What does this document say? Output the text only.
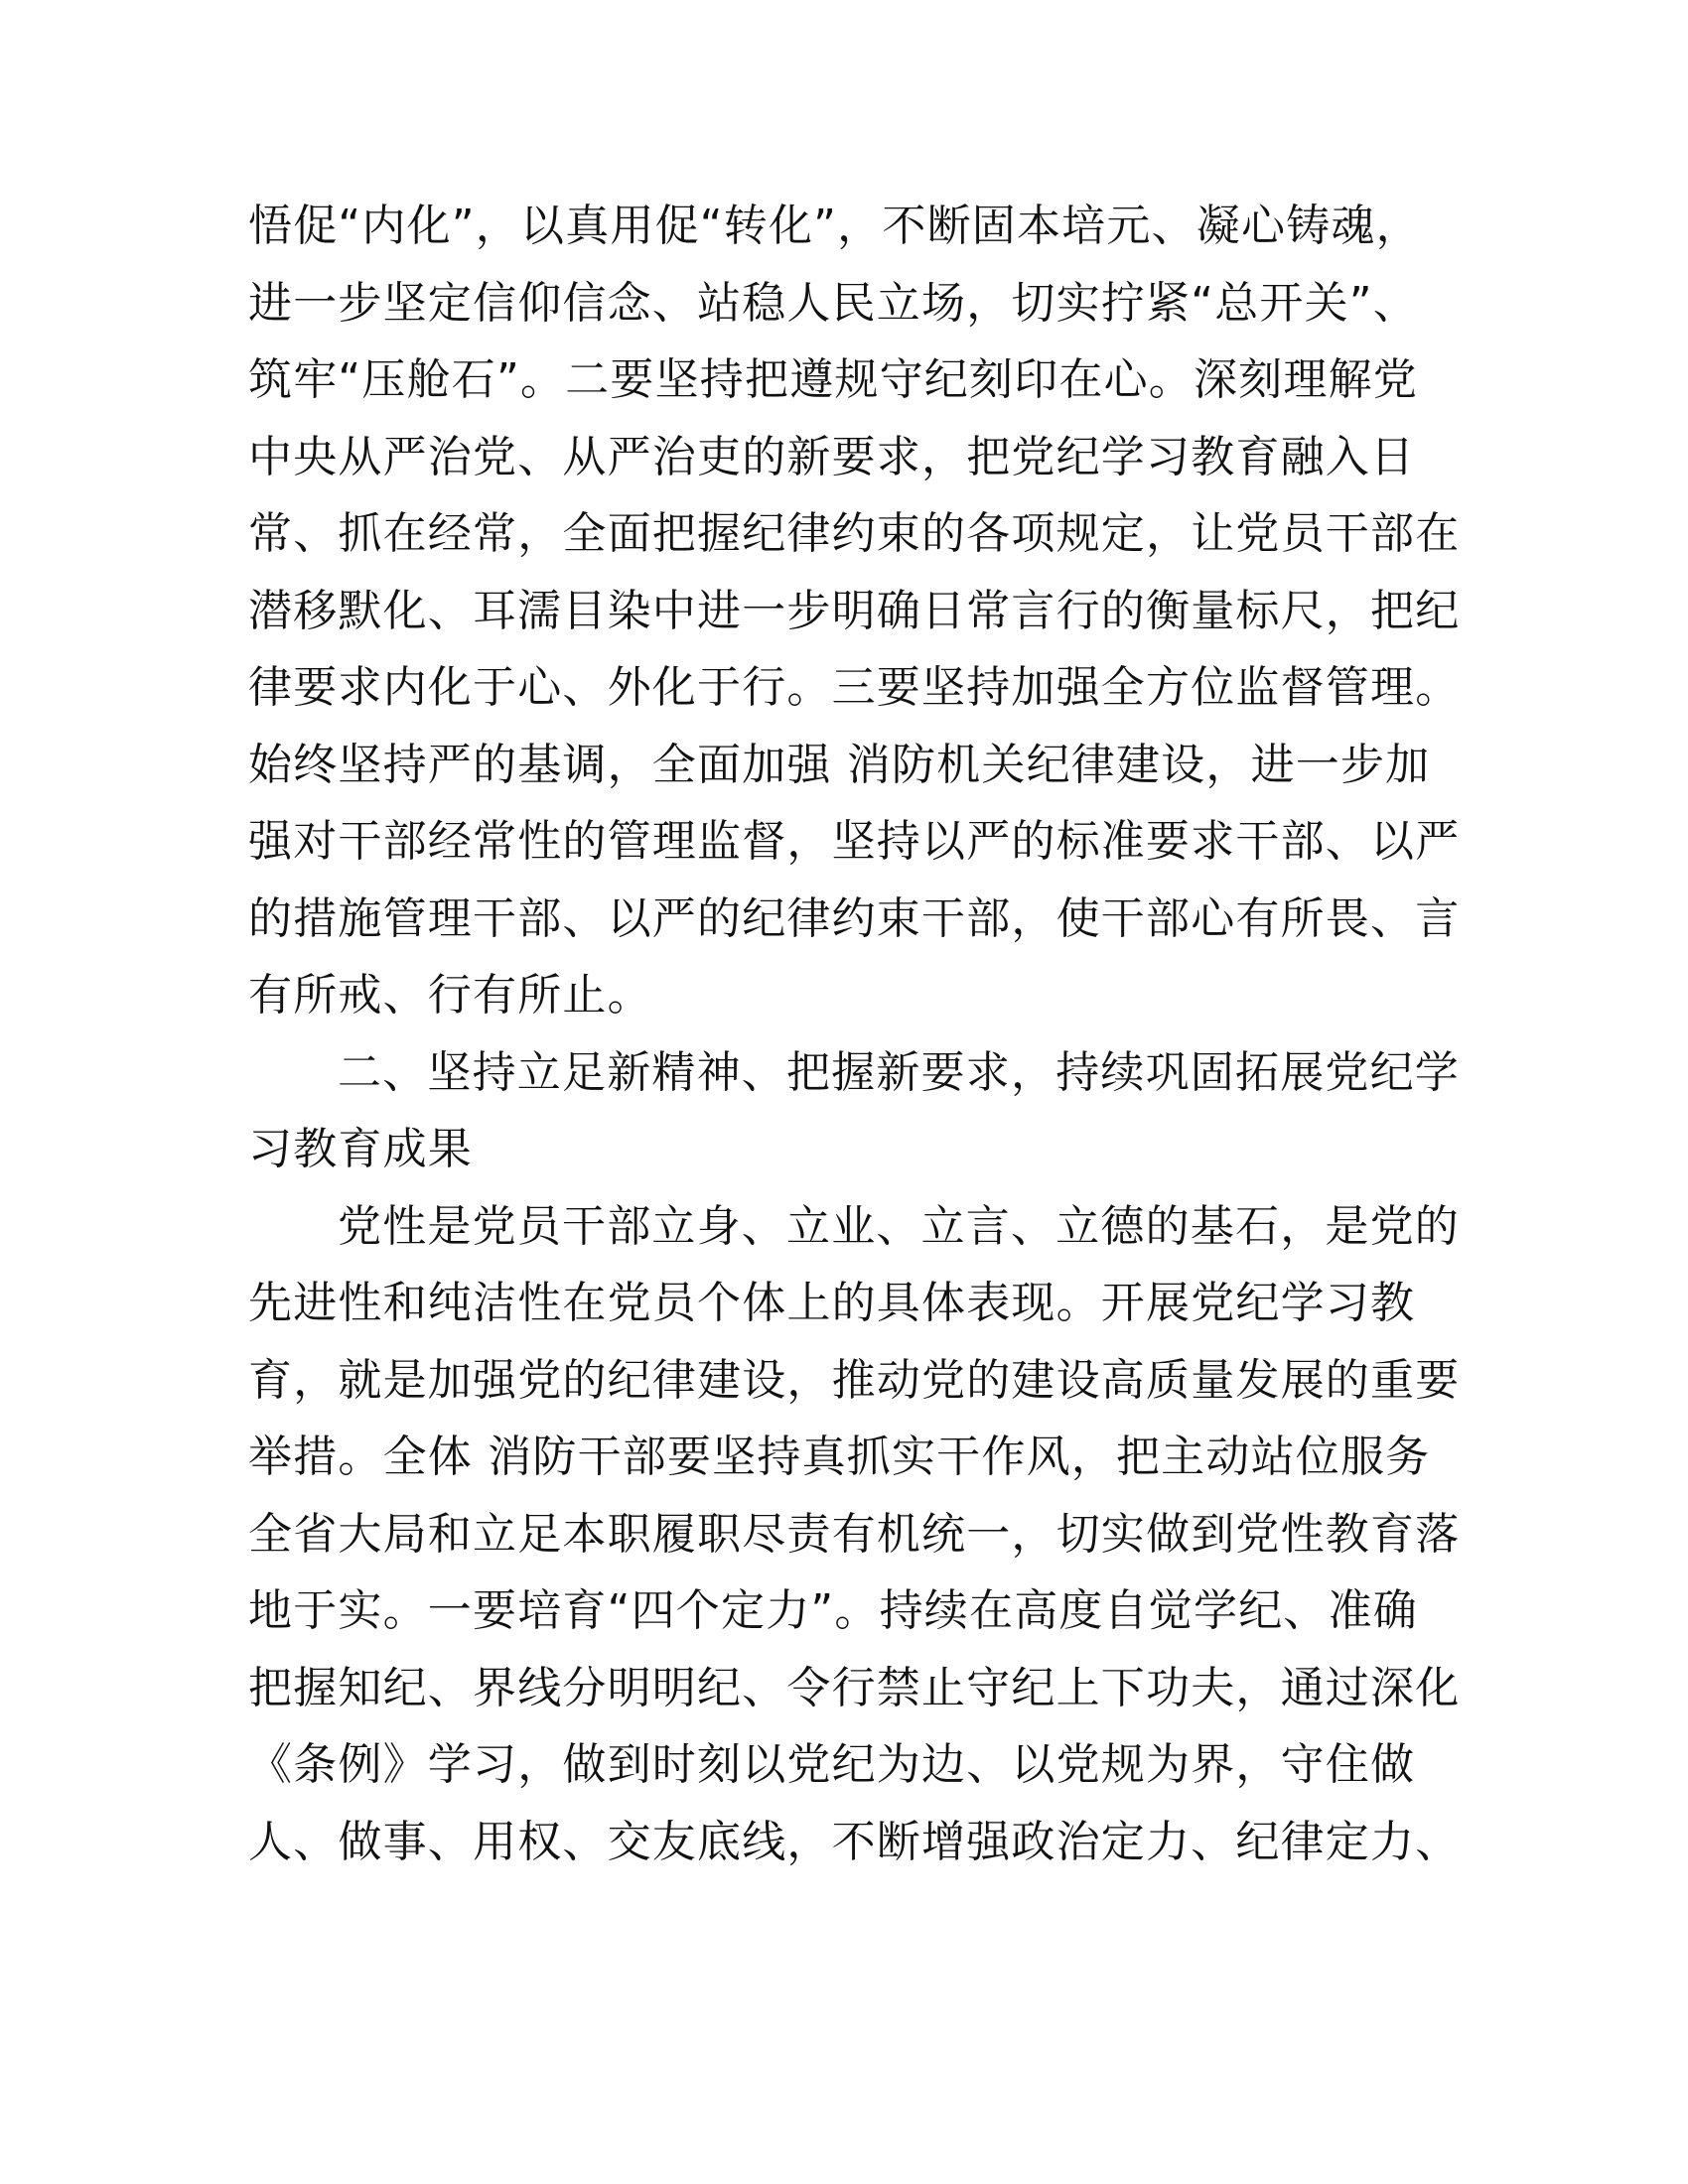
悟促“内化”，以真用促“转化”，不断固本培元、凝心铸魂，
进一步坚定信仰信念、站稳人民立场，切实拧紧“总开关”、
筑牢“压舱石”。二要坚持把遵规守纪刻印在心。深刻理解党
中央从严治党、从严治吏的新要求，把党纪学习教育融入日
常、抓在经常，全面把握纪律约束的各项规定，让党员干部在
潜移默化、耳濡目染中进一步明确日常言行的衡量标尺，把纪
律要求内化于心、外化于行。三要坚持加强全方位监督管理。
始终坚持严的基调，全面加强 消防机关纪律建设，进一步加
强对干部经常性的管理监督，坚持以严的标准要求干部、以严
的措施管理干部、以严的纪律约束干部，使干部心有所畏、言
有所戒、行有所止。
二、坚持立足新精神、把握新要求，持续巩固拓展党纪学
习教育成果
党性是党员干部立身、立业、立言、立德的基石，是党的
先进性和纯洁性在党员个体上的具体表现。开展党纪学习教
育，就是加强党的纪律建设，推动党的建设高质量发展的重要
举措。全体 消防干部要坚持真抓实干作风，把主动站位服务
全省大局和立足本职履职尽责有机统一，切实做到党性教育落
地于实。一要培育“四个定力”。持续在高度自觉学纪、准确
把握知纪、界线分明明纪、令行禁止守纪上下功夫，通过深化
《条例》学习，做到时刻以党纪为边、以党规为界，守住做
人、做事、用权、交友底线，不断增强政治定力、纪律定力、
